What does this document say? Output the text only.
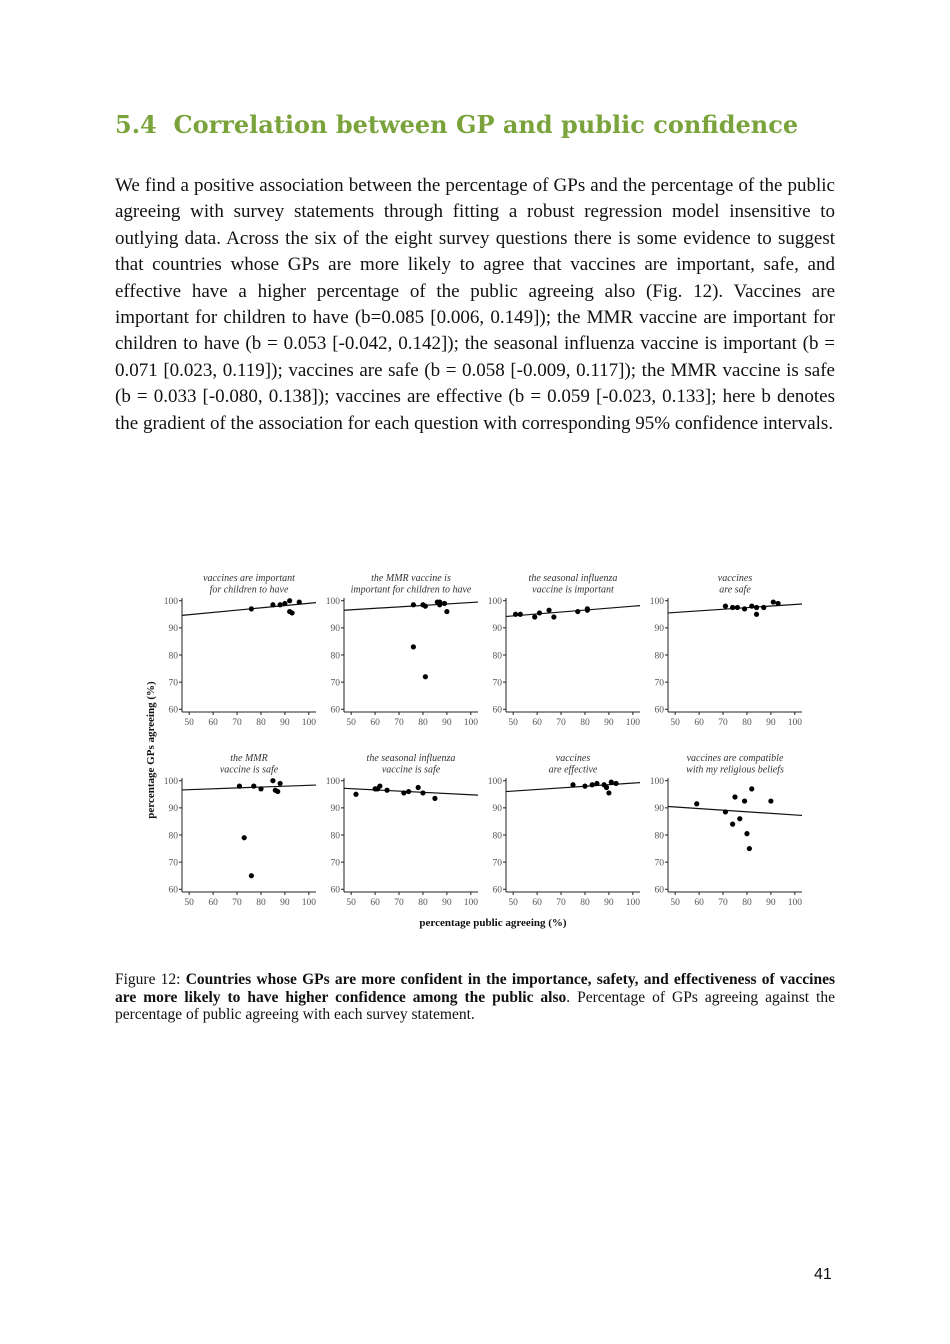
5.4 Correlation between GP and public confidence

We find a positive association between the percentage of GPs and the percentage of the public agreeing with survey statements through fitting a robust regression model insensitive to outlying data. Across the six of the eight survey questions there is some evidence to suggest that countries whose GPs are more likely to agree that vaccines are important, safe, and effective have a higher percentage of the public agreeing also (Fig. 12). Vaccines are important for children to have (b=0.085 [0.006, 0.149]); the MMR vaccine are important for children to have (b = 0.053 [-0.042, 0.142]); the seasonal influenza vaccine is important (b = 0.071 [0.023, 0.119]); vaccines are safe (b = 0.058 [-0.009, 0.117]); the MMR vaccine is safe (b = 0.033 [-0.080, 0.138]); vaccines are effective (b = 0.059 [-0.023, 0.133]; here b denotes the gradient of the association for each question with corresponding 95% confidence intervals.

vaccines are important
for children to have
60
70
80
90
100
50 60 70 80 90 100
the MMR vaccine is
important for children to have
60
70
80
90
100
50 60 70 80 90 100
the seasonal influenza
vaccine is important
60
70
80
90
100
50 60 70 80 90 100
vaccines
are safe
60
70
80
90
100
50 60 70 80 90 100
the MMR
vaccine is safe
60
70
80
90
100
50 60 70 80 90 100
the seasonal influenza
vaccine is safe
60
70
80
90
100
50 60 70 80 90 100
vaccines
are effective
60
70
80
90
100
50 60 70 80 90 100
vaccines are compatible
with my religious beliefs
60
70
80
90
100
50 60 70 80 90 100
percentage public agreeing (%)
percentage GPs agreeing (%)

Figure 12: Countries whose GPs are more confident in the importance, safety, and effectiveness of vaccines are more likely to have higher confidence among the public also. Percentage of GPs agreeing against the percentage of public agreeing with each survey statement.

41
